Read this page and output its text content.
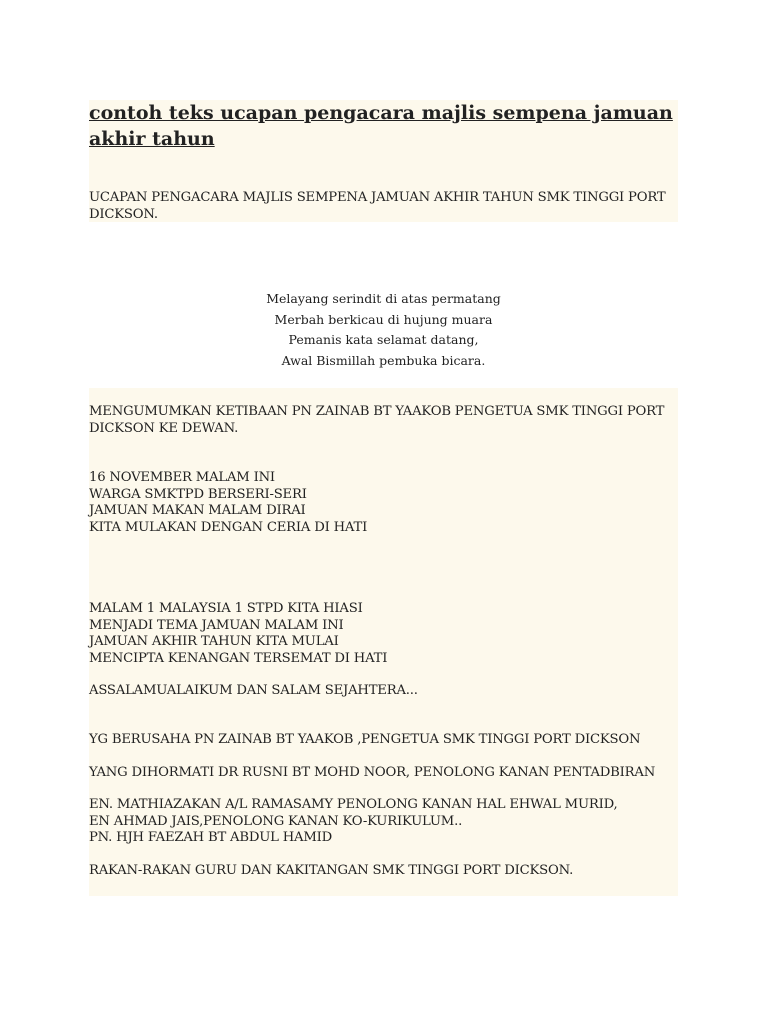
contoh teks ucapan pengacara majlis sempena jamuan akhir tahun

UCAPAN PENGACARA MAJLIS SEMPENA JAMUAN AKHIR TAHUN SMK TINGGI PORT DICKSON.

Melayang serindit di atas permatang
Merbah berkicau di hujung muara
Pemanis kata selamat datang,
Awal Bismillah pembuka bicara.

MENGUMUMKAN KETIBAAN PN ZAINAB BT YAAKOB PENGETUA SMK TINGGI PORT DICKSON KE DEWAN.

16 NOVEMBER MALAM INI
WARGA SMKTPD BERSERI-SERI
JAMUAN MAKAN MALAM DIRAI
KITA MULAKAN DENGAN CERIA DI HATI
MALAM 1 MALAYSIA 1 STPD KITA HIASI
MENJADI TEMA JAMUAN MALAM INI
JAMUAN AKHIR TAHUN KITA MULAI
MENCIPTA KENANGAN TERSEMAT DI HATI

ASSALAMUALAIKUM DAN SALAM SEJAHTERA...

YG BERUSAHA PN ZAINAB BT YAAKOB ,PENGETUA SMK TINGGI PORT DICKSON

YANG DIHORMATI DR RUSNI BT MOHD NOOR, PENOLONG KANAN PENTADBIRAN

EN. MATHIAZAKAN A/L RAMASAMY PENOLONG KANAN HAL EHWAL MURID,
EN AHMAD JAIS,PENOLONG KANAN KO-KURIKULUM..
PN. HJH FAEZAH BT ABDUL HAMID

RAKAN-RAKAN GURU DAN KAKITANGAN SMK TINGGI PORT DICKSON.
